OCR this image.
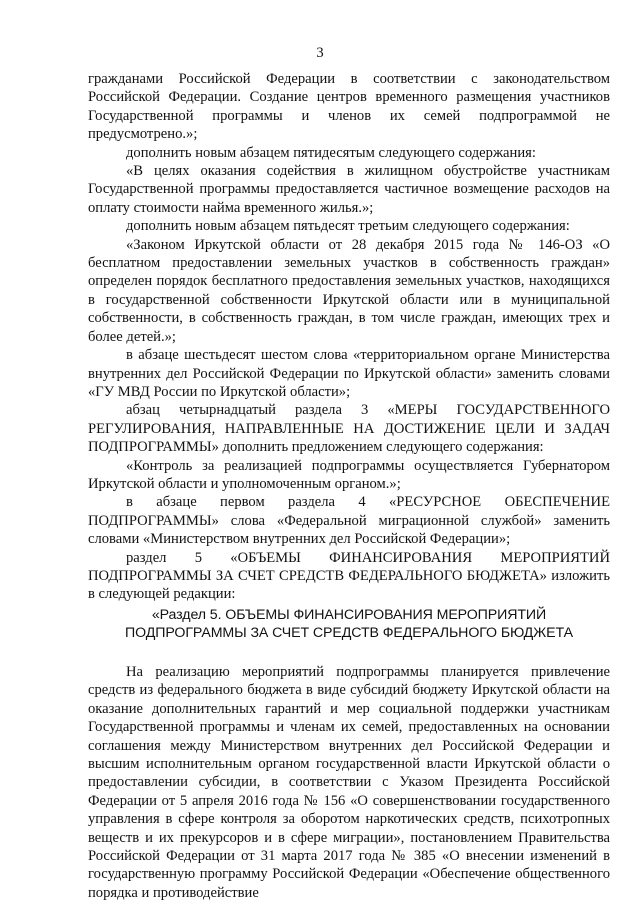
3

гражданами Российской Федерации в соответствии с законодательством Российской Федерации. Создание центров временного размещения участников Государственной программы и членов их семей подпрограммой не предусмотрено.»;

дополнить новым абзацем пятидесятым следующего содержания:

«В целях оказания содействия в жилищном обустройстве участникам Государственной программы предоставляется частичное возмещение расходов на оплату стоимости найма временного жилья.»;

дополнить новым абзацем пятьдесят третьим следующего содержания:

«Законом Иркутской области от 28 декабря 2015 года № 146-ОЗ «О бесплатном предоставлении земельных участков в собственность граждан» определен порядок бесплатного предоставления земельных участков, находящихся в государственной собственности Иркутской области или в муниципальной собственности, в собственность граждан, в том числе граждан, имеющих трех и более детей.»;

в абзаце шестьдесят шестом слова «территориальном органе Министерства внутренних дел Российской Федерации по Иркутской области» заменить словами «ГУ МВД России по Иркутской области»;

абзац четырнадцатый раздела 3 «МЕРЫ ГОСУДАРСТВЕННОГО РЕГУЛИРОВАНИЯ, НАПРАВЛЕННЫЕ НА ДОСТИЖЕНИЕ ЦЕЛИ И ЗАДАЧ ПОДПРОГРАММЫ» дополнить предложением следующего содержания:

«Контроль за реализацией подпрограммы осуществляется Губернатором Иркутской области и уполномоченным органом.»;

в абзаце первом раздела 4 «РЕСУРСНОЕ ОБЕСПЕЧЕНИЕ ПОДПРОГРАММЫ» слова «Федеральной миграционной службой» заменить словами «Министерством внутренних дел Российской Федерации»;

раздел 5 «ОБЪЕМЫ ФИНАНСИРОВАНИЯ МЕРОПРИЯТИЙ ПОДПРОГРАММЫ ЗА СЧЕТ СРЕДСТВ ФЕДЕРАЛЬНОГО БЮДЖЕТА» изложить в следующей редакции:

«Раздел 5. ОБЪЕМЫ ФИНАНСИРОВАНИЯ МЕРОПРИЯТИЙ
ПОДПРОГРАММЫ ЗА СЧЕТ СРЕДСТВ ФЕДЕРАЛЬНОГО БЮДЖЕТА

На реализацию мероприятий подпрограммы планируется привлечение средств из федерального бюджета в виде субсидий бюджету Иркутской области на оказание дополнительных гарантий и мер социальной поддержки участникам Государственной программы и членам их семей, предоставленных на основании соглашения между Министерством внутренних дел Российской Федерации и высшим исполнительным органом государственной власти Иркутской области о предоставлении субсидии, в соответствии с Указом Президента Российской Федерации от 5 апреля 2016 года № 156 «О совершенствовании государственного управления в сфере контроля за оборотом наркотических средств, психотропных веществ и их прекурсоров и в сфере миграции», постановлением Правительства Российской Федерации от 31 марта 2017 года № 385 «О внесении изменений в государственную программу Российской Федерации «Обеспечение общественного порядка и противодействие
